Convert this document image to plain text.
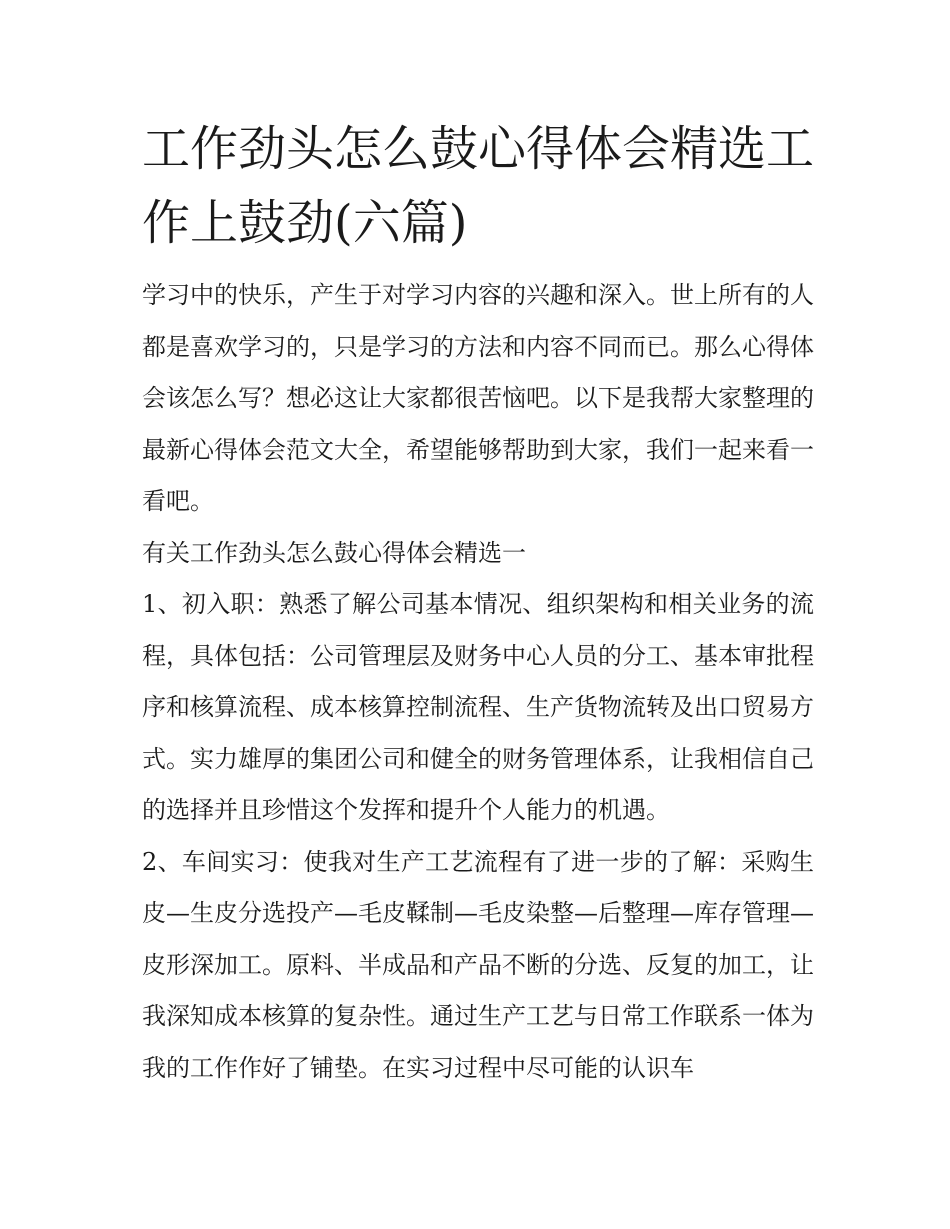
工作劲头怎么鼓心得体会精选工作上鼓劲(六篇)

学习中的快乐，产生于对学习内容的兴趣和深入。世上所有的人都是喜欢学习的，只是学习的方法和内容不同而已。那么心得体会该怎么写？想必这让大家都很苦恼吧。以下是我帮大家整理的最新心得体会范文大全，希望能够帮助到大家，我们一起来看一看吧。

有关工作劲头怎么鼓心得体会精选一

1、初入职：熟悉了解公司基本情况、组织架构和相关业务的流程，具体包括：公司管理层及财务中心人员的分工、基本审批程序和核算流程、成本核算控制流程、生产货物流转及出口贸易方式。实力雄厚的集团公司和健全的财务管理体系，让我相信自己的选择并且珍惜这个发挥和提升个人能力的机遇。

2、车间实习：使我对生产工艺流程有了进一步的了解：采购生皮—生皮分选投产—毛皮鞣制—毛皮染整—后整理—库存管理—皮形深加工。原料、半成品和产品不断的分选、反复的加工，让我深知成本核算的复杂性。通过生产工艺与日常工作联系一体为我的工作作好了铺垫。在实习过程中尽可能的认识车
